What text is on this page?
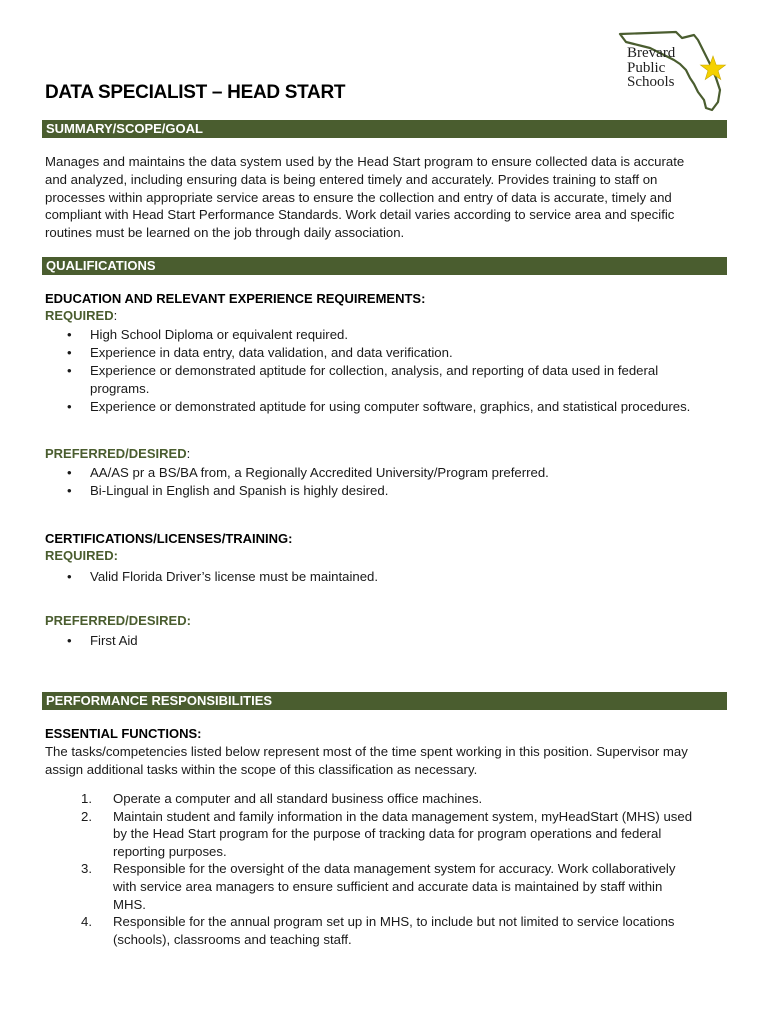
Brevard
Public
Schools
DATA SPECIALIST – HEAD START
SUMMARY/SCOPE/GOAL
Manages and maintains the data system used by the Head Start program to ensure collected data is accurate
and analyzed, including ensuring data is being entered timely and accurately. Provides training to staff on
processes within appropriate service areas to ensure the collection and entry of data is accurate, timely and
compliant with Head Start Performance Standards. Work detail varies according to service area and specific
routines must be learned on the job through daily association.
QUALIFICATIONS
EDUCATION AND RELEVANT EXPERIENCE REQUIREMENTS:
REQUIRED:
• High School Diploma or equivalent required.
• Experience in data entry, data validation, and data verification.
• Experience or demonstrated aptitude for collection, analysis, and reporting of data used in federal
programs.
• Experience or demonstrated aptitude for using computer software, graphics, and statistical procedures.
PREFERRED/DESIRED:
• AA/AS pr a BS/BA from, a Regionally Accredited University/Program preferred.
• Bi-Lingual in English and Spanish is highly desired.
CERTIFICATIONS/LICENSES/TRAINING:
REQUIRED:
• Valid Florida Driver’s license must be maintained.
PREFERRED/DESIRED:
• First Aid
PERFORMANCE RESPONSIBILITIES
ESSENTIAL FUNCTIONS:
The tasks/competencies listed below represent most of the time spent working in this position. Supervisor may
assign additional tasks within the scope of this classification as necessary.
1. Operate a computer and all standard business office machines.
2. Maintain student and family information in the data management system, myHeadStart (MHS) used
by the Head Start program for the purpose of tracking data for program operations and federal
reporting purposes.
3. Responsible for the oversight of the data management system for accuracy. Work collaboratively
with service area managers to ensure sufficient and accurate data is maintained by staff within
MHS.
4. Responsible for the annual program set up in MHS, to include but not limited to service locations
(schools), classrooms and teaching staff.
